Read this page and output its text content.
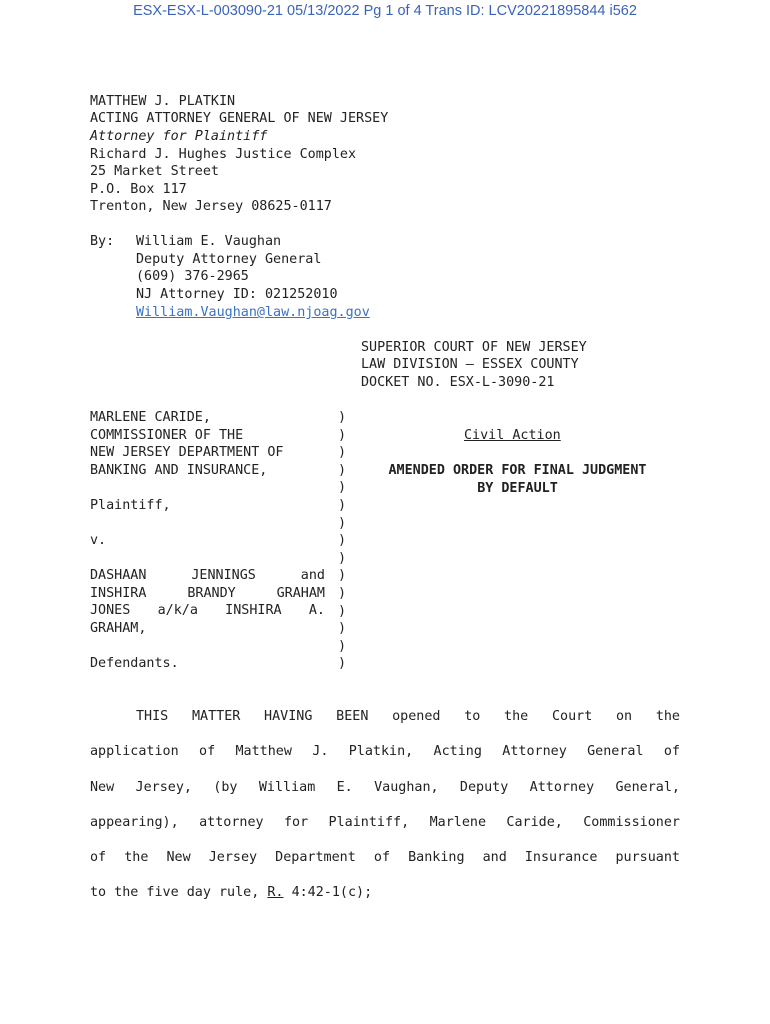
ESX-ESX-L-003090-21 05/13/2022 Pg 1 of 4 Trans ID: LCV20221895844 i562
MATTHEW J. PLATKIN
ACTING ATTORNEY GENERAL OF NEW JERSEY
Attorney for Plaintiff
Richard J. Hughes Justice Complex
25 Market Street
P.O. Box 117
Trenton, New Jersey 08625-0117
By: William E. Vaughan
Deputy Attorney General
(609) 376-2965
NJ Attorney ID: 021252010
William.Vaughan@law.njoag.gov
SUPERIOR COURT OF NEW JERSEY
LAW DIVISION – ESSEX COUNTY
DOCKET NO. ESX-L-3090-21
MARLENE CARIDE,
COMMISSIONER OF THE
NEW JERSEY DEPARTMENT OF
BANKING AND INSURANCE,
Plaintiff,
v.
DASHAAN JENNINGS and
INSHIRA BRANDY GRAHAM
JONES a/k/a INSHIRA A.
GRAHAM,
Defendants.
)
)
)
)
)
)
)
)
)
)
)
)
)
)
)
Civil Action
AMENDED ORDER FOR FINAL JUDGMENT
BY DEFAULT
THIS MATTER HAVING BEEN opened to the Court on the
application of Matthew J. Platkin, Acting Attorney General of
New Jersey, (by William E. Vaughan, Deputy Attorney General,
appearing), attorney for Plaintiff, Marlene Caride, Commissioner
of the New Jersey Department of Banking and Insurance pursuant
to the five day rule, R. 4:42-1(c);
